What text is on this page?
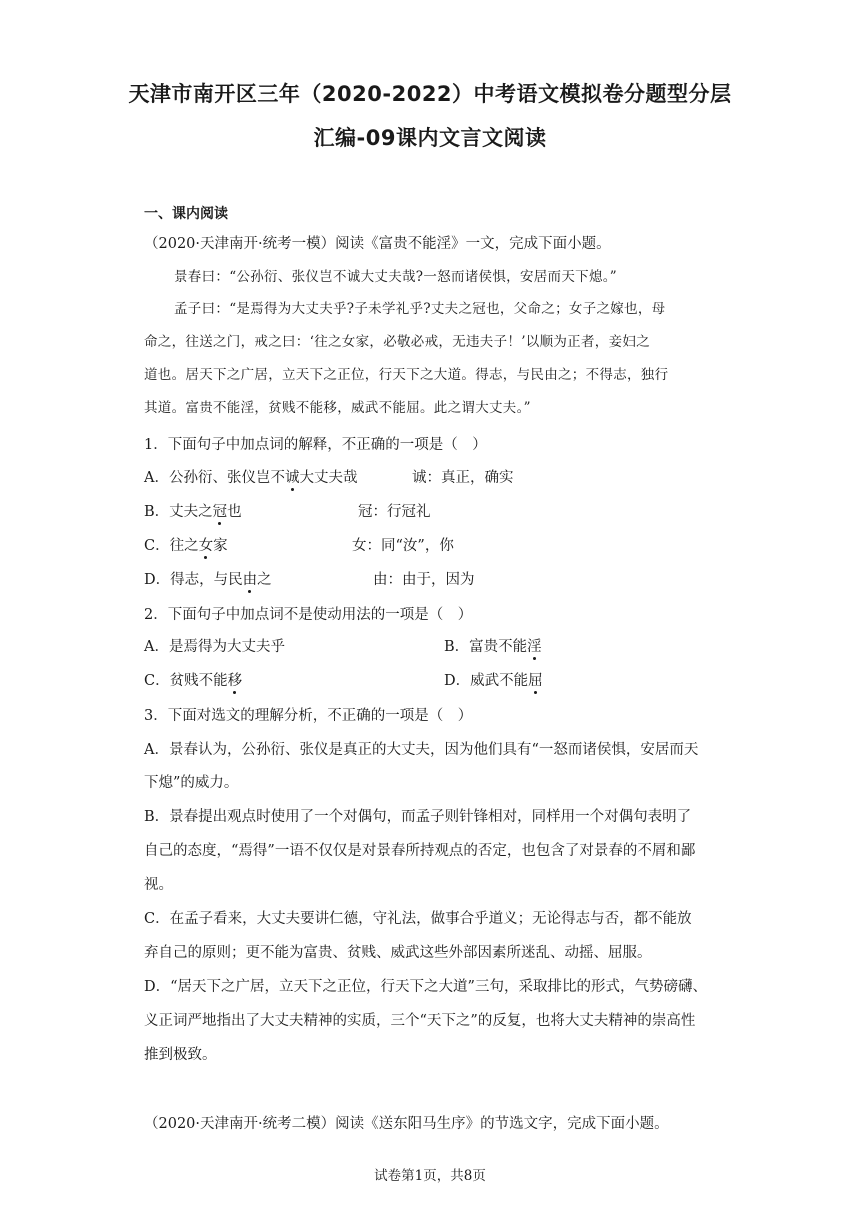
天津市南开区三年（2020-2022）中考语文模拟卷分题型分层
汇编-09课内文言文阅读
一、课内阅读
（2020·天津南开·统考一模）阅读《富贵不能淫》一文，完成下面小题。
景春曰：“公孙衍、张仪岂不诚大丈夫哉?一怒而诸侯惧，安居而天下熄。”
孟子曰：“是焉得为大丈夫乎?子未学礼乎?丈夫之冠也，父命之；女子之嫁也，母
命之，往送之门，戒之曰：‘往之女家，必敬必戒，无违夫子！’以顺为正者，妾妇之
道也。居天下之广居，立天下之正位，行天下之大道。得志，与民由之；不得志，独行
其道。富贵不能淫，贫贱不能移，威武不能屈。此之谓大丈夫。”
1．下面句子中加点词的解释，不正确的一项是（　）
A．公孙衍、张仪岂不诚大丈夫哉	诚：真正，确实
B．丈夫之冠也	冠：行冠礼
C．往之女家	女：同“汝”，你
D．得志，与民由之	由：由于，因为
2．下面句子中加点词不是使动用法的一项是（　）
A．是焉得为大丈夫乎	B．富贵不能淫
C．贫贱不能移	D．威武不能屈
3．下面对选文的理解分析，不正确的一项是（　）
A．景春认为，公孙衍、张仪是真正的大丈夫，因为他们具有“一怒而诸侯惧，安居而天
下熄”的威力。
B．景春提出观点时使用了一个对偶句，而孟子则针锋相对，同样用一个对偶句表明了
自己的态度，“焉得”一语不仅仅是对景春所持观点的否定，也包含了对景春的不屑和鄙
视。
C．在孟子看来，大丈夫要讲仁德，守礼法，做事合乎道义；无论得志与否，都不能放
弃自己的原则；更不能为富贵、贫贱、威武这些外部因素所迷乱、动摇、屈服。
D．“居天下之广居，立天下之正位，行天下之大道”三句，采取排比的形式，气势磅礴、
义正词严地指出了大丈夫精神的实质，三个“天下之”的反复，也将大丈夫精神的崇高性
推到极致。
（2020·天津南开·统考二模）阅读《送东阳马生序》的节选文字，完成下面小题。
试卷第1页，共8页
